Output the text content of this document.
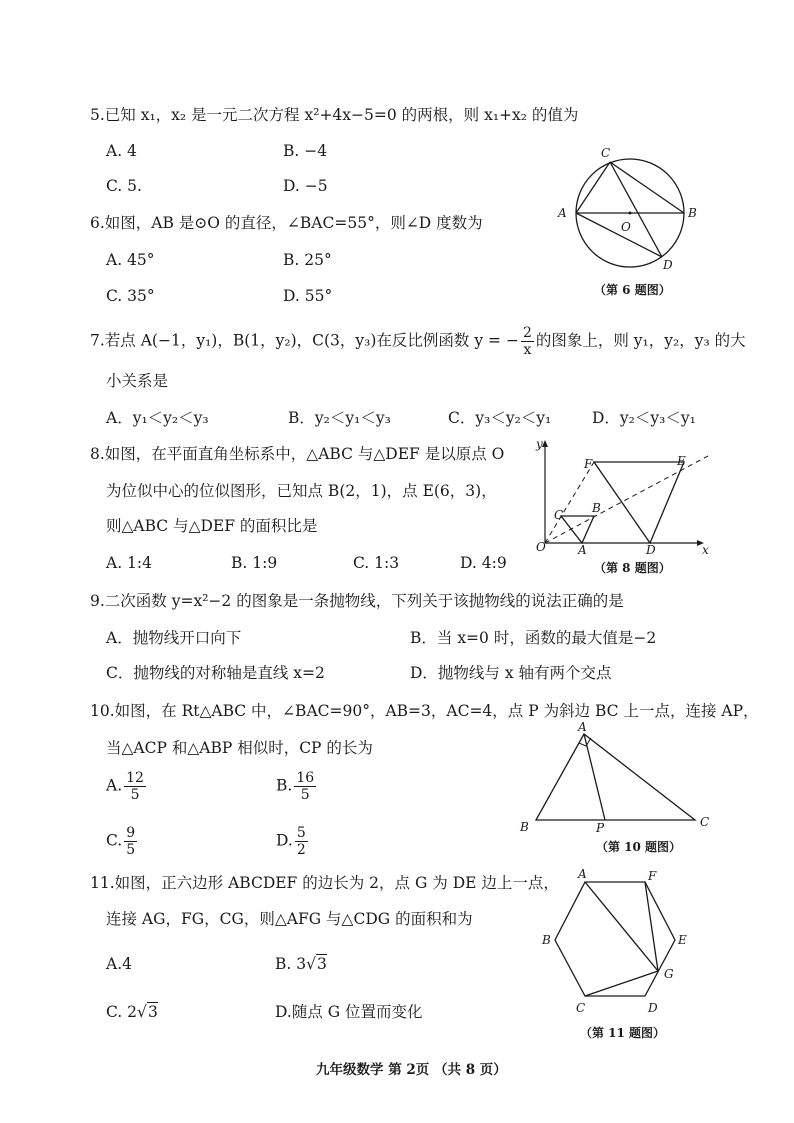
5.已知 x₁，x₂ 是一元二次方程 x²+4x−5=0 的两根，则 x₁+x₂ 的值为
A. 4	B. −4
C. 5.	D. −5
6.如图，AB 是⊙O 的直径，∠BAC=55°，则∠D 度数为
A. 45°	B. 25°
C. 35°	D. 55°
C
A
O
B
D
（第 6 题图）
7.若点 A(−1，y₁)，B(1，y₂)，C(3，y₃)在反比例函数 y = − $\frac{2}{x}$ 的图象上，则 y₁，y₂，y₃ 的大
小关系是
A．y₁＜y₂＜y₃	B．y₂＜y₁＜y₃	C．y₃＜y₂＜y₁	D．y₂＜y₃＜y₁
8.如图，在平面直角坐标系中，△ABC 与△DEF 是以原点 O
为位似中心的位似图形，已知点 B(2，1)，点 E(6，3)，
则△ABC 与△DEF 的面积比是
A. 1:4	B. 1:9	C. 1:3	D. 4:9
y
F	E
B
C
O	A	D	x
（第 8 题图）
9.二次函数 y=x²−2 的图象是一条抛物线，下列关于该抛物线的说法正确的是
A．抛物线开口向下	B．当 x=0 时，函数的最大值是−2
C．抛物线的对称轴是直线 x=2	D．抛物线与 x 轴有两个交点
10.如图，在 Rt△ABC 中，∠BAC=90°，AB=3，AC=4，点 P 为斜边 BC 上一点，连接 AP，
当△ACP 和△ABP 相似时，CP 的长为
A. $\frac{12}{5}$	B. $\frac{16}{5}$
C. $\frac{9}{5}$	D. $\frac{5}{2}$
A
B	P	C
（第 10 题图）
11.如图，正六边形 ABCDEF 的边长为 2，点 G 为 DE 边上一点，
连接 AG，FG，CG，则△AFG 与△CDG 的面积和为
A.4	B. 3√3
C. 2√3	D.随点 G 位置而变化
A	F
B	E
G
C	D
（第 11 题图）
九年级数学 第 2页 （共 8 页）
